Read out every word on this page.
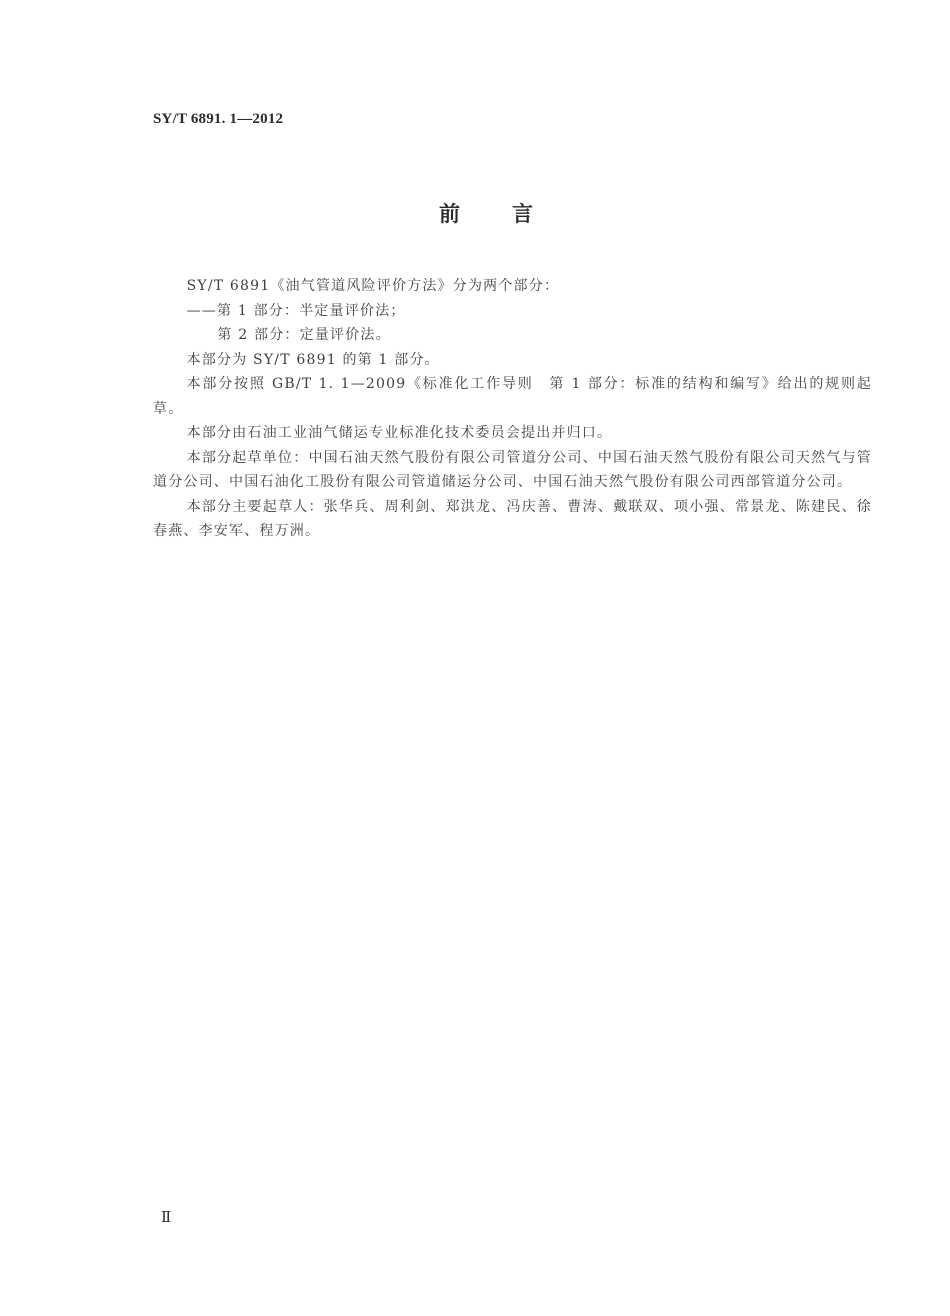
SY/T 6891. 1—2012
前言

SY/T 6891《油气管道风险评价方法》分为两个部分：

——第 1 部分：半定量评价法；

第 2 部分：定量评价法。

本部分为 SY/T 6891 的第 1 部分。

本部分按照 GB/T 1. 1—2009《标准化工作导则　第 1 部分：标准的结构和编写》给出的规则起草。

本部分由石油工业油气储运专业标准化技术委员会提出并归口。

本部分起草单位：中国石油天然气股份有限公司管道分公司、中国石油天然气股份有限公司天然气与管道分公司、中国石油化工股份有限公司管道储运分公司、中国石油天然气股份有限公司西部管道分公司。

本部分主要起草人：张华兵、周利剑、郑洪龙、冯庆善、曹涛、戴联双、项小强、常景龙、陈建民、徐春燕、李安军、程万洲。

Ⅱ
